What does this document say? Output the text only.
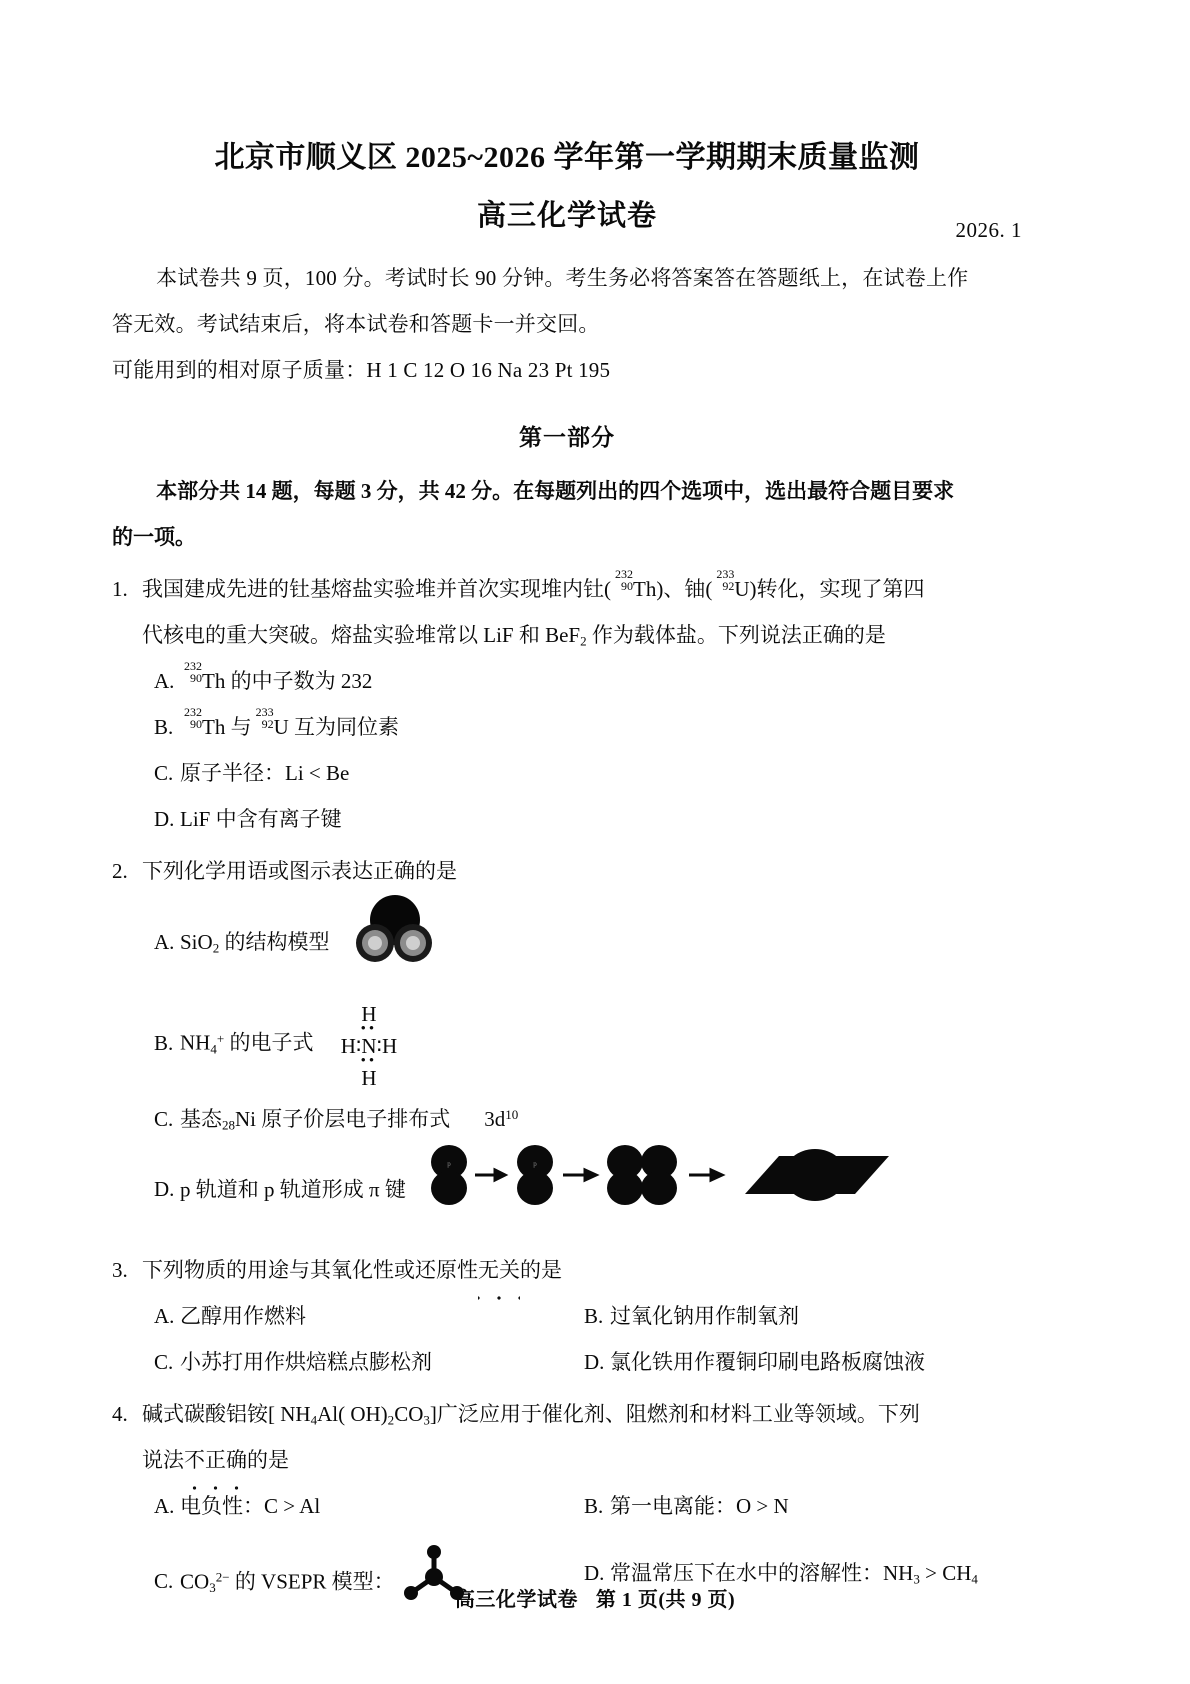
北京市顺义区 2025~2026 学年第一学期期末质量监测
高三化学试卷	2026. 1

本试卷共 9 页，100 分。考试时长 90 分钟。考生务必将答案答在答题纸上，在试卷上作

答无效。考试结束后，将本试卷和答题卡一并交回。

可能用到的相对原子质量：H 1 C 12 O 16 Na 23 Pt 195

第一部分

本部分共 14 题，每题 3 分，共 42 分。在每题列出的四个选项中，选出最符合题目要求

的一项。

1. 我国建成先进的钍基熔盐实验堆并首次实现堆内钍(
232
90 Th)、铀(
233
92 U)转化，实现了第四
代核电的重大突破。熔盐实验堆常以 LiF 和 BeF$_2$ 作为载体盐。下列说法正确的是
A.
232
90 Th 的中子数为 232
B.
232
90 Th 与
233
92 U 互为同位素
C. 原子半径：Li < Be
D. LiF 中含有离子键
2. 下列化学用语或图示表达正确的是
A. SiO$_2$ 的结构模型
B. $NH_4^+$ 的电子式
H
••
H∶N∶H
••
H
C. 基态$_{28}$Ni 原子价层电子排布式 $3d^{10}$
D. p 轨道和 p 轨道形成 π 键
p	p
3. 下列物质的用途与其氧化性或还原性无关的是
A. 乙醇用作燃料	B. 过氧化钠用作制氧剂
C. 小苏打用作烘焙糕点膨松剂	D. 氯化铁用作覆铜印刷电路板腐蚀液
4. 碱式碳酸铝铵[ $NH_4Al$( $OH)_2CO_3$]广泛应用于催化剂、阻燃剂和材料工业等领域。下列
说法不正确的是
A. 电负性：C > Al	B. 第一电离能：O > N
C. $CO_3^{2-}$ 的 VSEPR 模型：	D. 常温常压下在水中的溶解性：$NH_3 > CH_4$
高三化学试卷 第 1 页(共 9 页)
